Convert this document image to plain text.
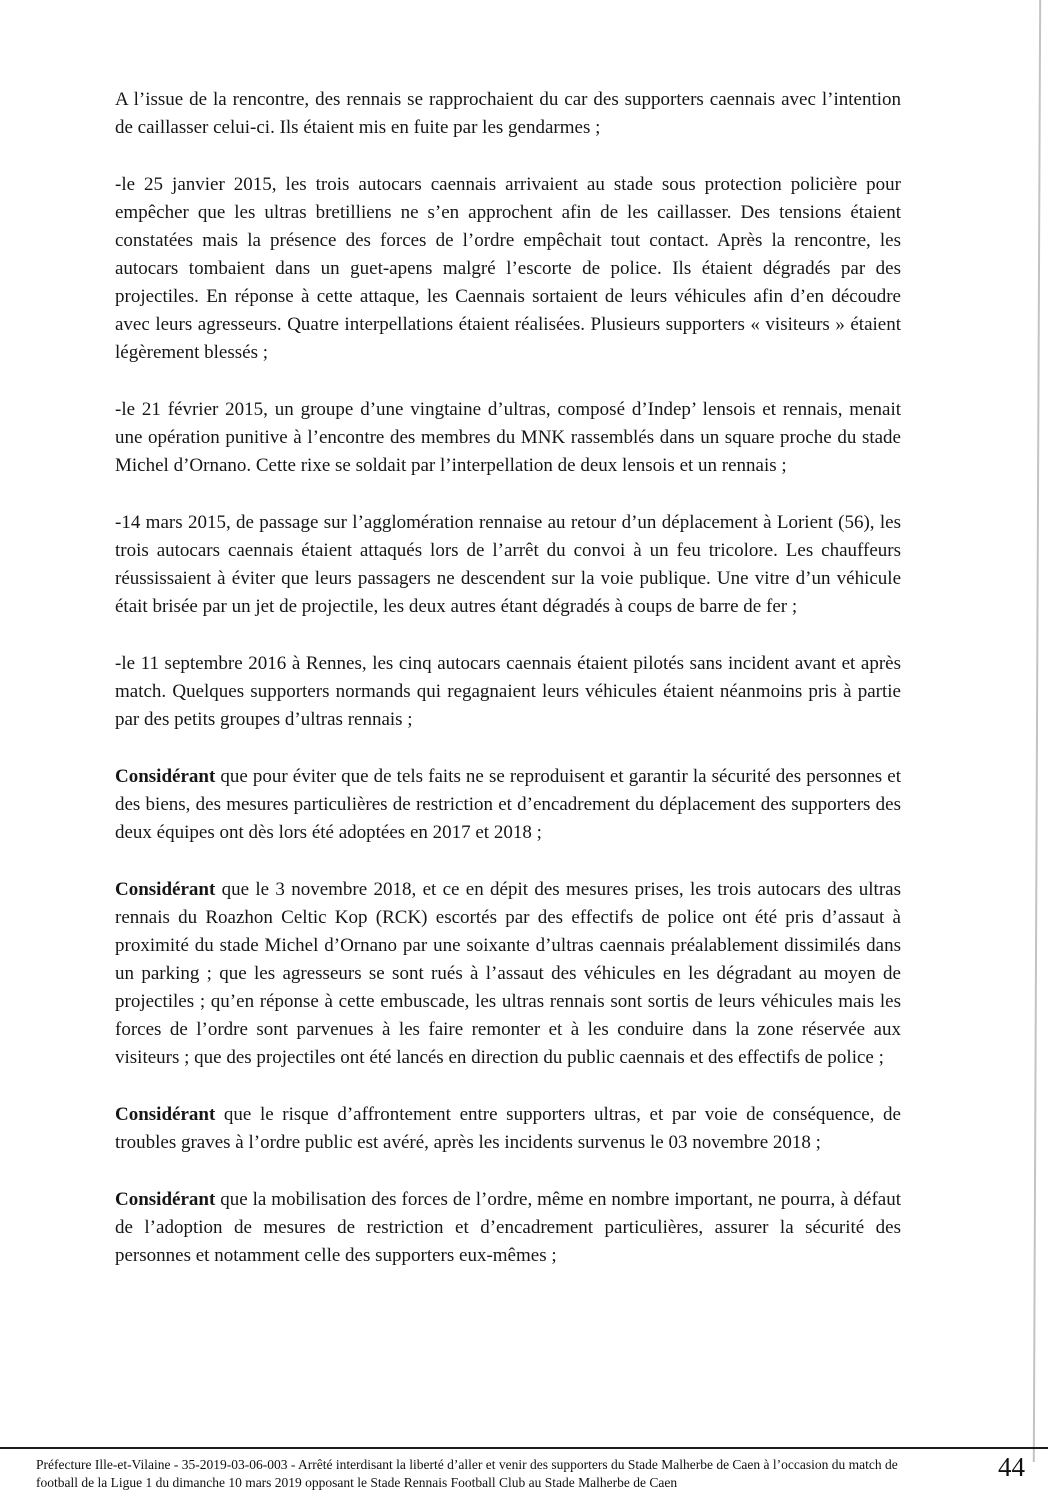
A l’issue de la rencontre, des rennais se rapprochaient du car des supporters caennais avec l’intention de caillasser celui-ci. Ils étaient mis en fuite par les gendarmes ;

-le 25 janvier 2015, les trois autocars caennais arrivaient au stade sous protection policière pour empêcher que les ultras bretilliens ne s’en approchent afin de les caillasser. Des tensions étaient constatées mais la présence des forces de l’ordre empêchait tout contact. Après la rencontre, les autocars tombaient dans un guet-apens malgré l’escorte de police. Ils étaient dégradés par des projectiles. En réponse à cette attaque, les Caennais sortaient de leurs véhicules afin d’en découdre avec leurs agresseurs. Quatre interpellations étaient réalisées. Plusieurs supporters « visiteurs » étaient légèrement blessés ;

-le 21 février 2015, un groupe d’une vingtaine d’ultras, composé d’Indep’ lensois et rennais, menait une opération punitive à l’encontre des membres du MNK rassemblés dans un square proche du stade Michel d’Ornano. Cette rixe se soldait par l’interpellation de deux lensois et un rennais ;

-14 mars 2015, de passage sur l’agglomération rennaise au retour d’un déplacement à Lorient (56), les trois autocars caennais étaient attaqués lors de l’arrêt du convoi à un feu tricolore. Les chauffeurs réussissaient à éviter que leurs passagers ne descendent sur la voie publique. Une vitre d’un véhicule était brisée par un jet de projectile, les deux autres étant dégradés à coups de barre de fer ;

-le 11 septembre 2016 à Rennes, les cinq autocars caennais étaient pilotés sans incident avant et après match. Quelques supporters normands qui regagnaient leurs véhicules étaient néanmoins pris à partie par des petits groupes d’ultras rennais ;

Considérant que pour éviter que de tels faits ne se reproduisent et garantir la sécurité des personnes et des biens, des mesures particulières de restriction et d’encadrement du déplacement des supporters des deux équipes ont dès lors été adoptées en 2017 et 2018 ;

Considérant que le 3 novembre 2018, et ce en dépit des mesures prises, les trois autocars des ultras rennais du Roazhon Celtic Kop (RCK) escortés par des effectifs de police ont été pris d’assaut à proximité du stade Michel d’Ornano par une soixante d’ultras caennais préalablement dissimilés dans un parking ; que les agresseurs se sont rués à l’assaut des véhicules en les dégradant au moyen de projectiles ; qu’en réponse à cette embuscade, les ultras rennais sont sortis de leurs véhicules mais les forces de l’ordre sont parvenues à les faire remonter et à les conduire dans la zone réservée aux visiteurs ; que des projectiles ont été lancés en direction du public caennais et des effectifs de police ;

Considérant que le risque d’affrontement entre supporters ultras, et par voie de conséquence, de troubles graves à l’ordre public est avéré, après les incidents survenus le 03 novembre 2018 ;

Considérant que la mobilisation des forces de l’ordre, même en nombre important, ne pourra, à défaut de l’adoption de mesures de restriction et d’encadrement particulières, assurer la sécurité des personnes et notamment celle des supporters eux-mêmes ;

Préfecture Ille-et-Vilaine - 35-2019-03-06-003 - Arrêté interdisant la liberté d’aller et venir des supporters du Stade Malherbe de Caen à l’occasion du match de
football de la Ligue 1 du dimanche 10 mars 2019 opposant le Stade Rennais Football Club au Stade Malherbe de Caen	44
